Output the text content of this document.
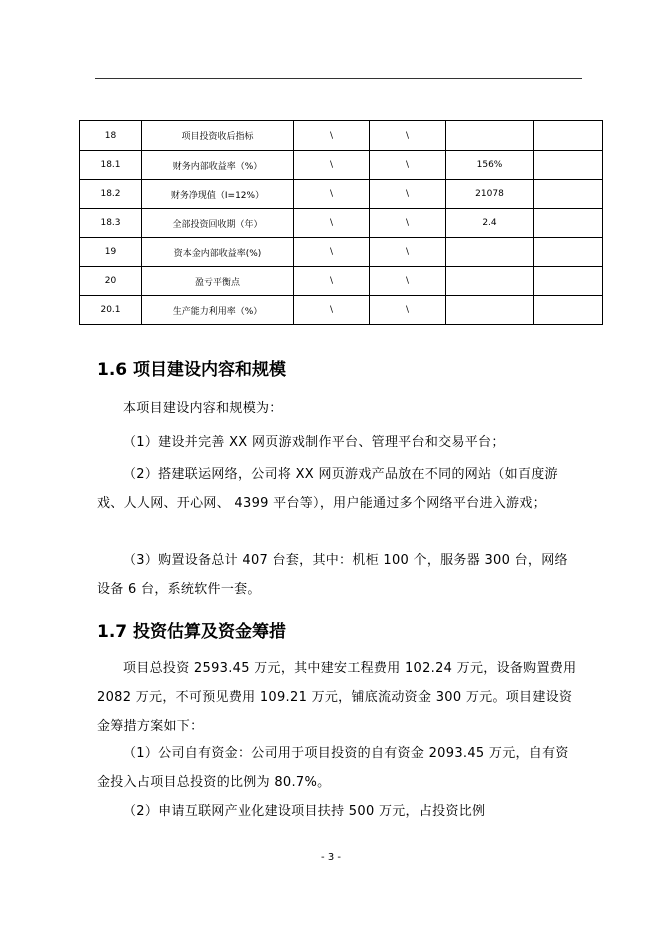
18	项目投资收后指标	\	\		
18.1	财务内部收益率（%）	\	\	156%	
18.2	财务净现值（I=12%）	\	\	21078	
18.3	全部投资回收期（年）	\	\	2.4	
19	资本金内部收益率(%)	\	\		
20	盈亏平衡点	\	\		
20.1	生产能力利用率（%）	\	\		
1.6 项目建设内容和规模

本项目建设内容和规模为：

（1）建设并完善 XX 网页游戏制作平台、管理平台和交易平台；

（2）搭建联运网络，公司将 XX 网页游戏产品放在不同的网站（如百度游戏、人人网、开心网、 4399 平台等），用户能通过多个网络平台进入游戏；

（3）购置设备总计 407 台套，其中：机柜 100 个，服务器 300 台，网络设备 6 台，系统软件一套。

1.7 投资估算及资金筹措

项目总投资 2593.45 万元，其中建安工程费用 102.24 万元，设备购置费用 2082 万元，不可预见费用 109.21 万元，铺底流动资金 300 万元。项目建设资金筹措方案如下：

（1）公司自有资金：公司用于项目投资的自有资金 2093.45 万元，自有资金投入占项目总投资的比例为 80.7%。

（2）申请互联网产业化建设项目扶持 500 万元，占投资比例

- 3 -
